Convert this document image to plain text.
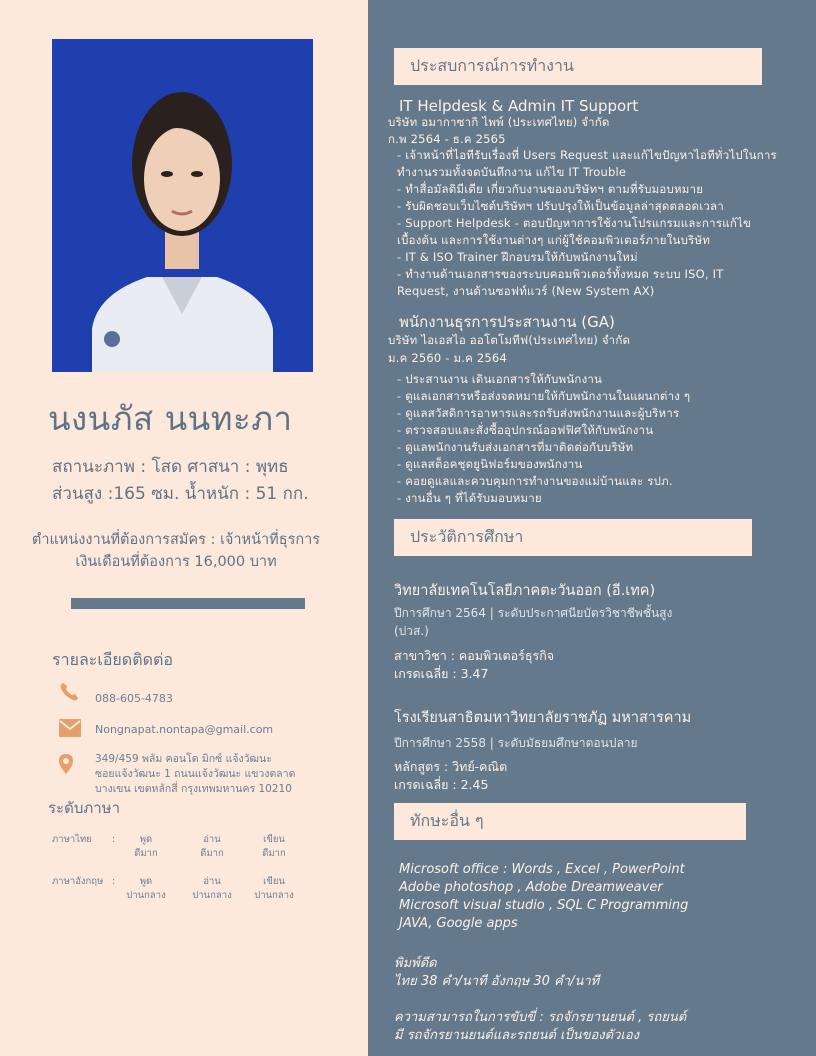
นงนภัส นนทะภา
สถานะภาพ : โสด ศาสนา : พุทธ
ส่วนสูง :165 ซม. น้ำหนัก : 51 กก.
ตำแหน่งงานที่ต้องการสมัคร : เจ้าหน้าที่ธุรการ
เงินเดือนที่ต้องการ 16,000 บาท
รายละเอียดติดต่อ
088-605-4783
Nongnapat.nontapa@gmail.com
349/459 พลัม คอนโด มิกซ์ แจ้งวัฒนะ
ซอยแจ้งวัฒนะ 1 ถนนแจ้งวัฒนะ แขวงตลาด
บางเขน เขตหลักสี่ กรุงเทพมหานคร 10210
ระดับภาษา
ภาษาไทย :	พูด
ดีมาก
อ่าน
ดีมาก
เขียน
ดีมาก
ภาษาอังกฤษ :	พูด
ปานกลาง
อ่าน
ปานกลาง
เขียน
ปานกลาง
ประสบการณ์การทำงาน
IT Helpdesk & Admin IT Support
บริษัท อมากาซากิ ไพพ์ (ประเทศไทย) จำกัด
ก.พ 2564 - ธ.ค 2565
- เจ้าหน้าที่ไอทีรับเรื่องที่ Users Request และแก้ไขปัญหาไอทีทั่วไปในการ
ทำงานรวมทั้งจดบันทึกงาน แก้ไข IT Trouble
- ทำสื่อมัลติมีเดีย เกี่ยวกับงานของบริษัทฯ ตามที่รับมอบหมาย
- รับผิดชอบเว็บไซต์บริษัทฯ ปรับปรุงให้เป็นข้อมูลล่าสุดตลอดเวลา
- Support Helpdesk - ตอบปัญหาการใช้งานโปรแกรมและการแก้ไข
เบื้องต้น และการใช้งานต่างๆ แก่ผู้ใช้คอมพิวเตอร์ภายในบริษัท
- IT & ISO Trainer ฝึกอบรมให้กับพนักงานใหม่
- ทำงานด้านเอกสารของระบบคอมพิวเตอร์ทั้งหมด ระบบ ISO, IT
Request, งานด้านซอฟท์แวร์ (New System AX)
พนักงานธุรการประสานงาน (GA)
บริษัท ไอเอสไอ ออโตโมทีฟ(ประเทศไทย) จำกัด
ม.ค 2560 - ม.ค 2564
- ประสานงาน เดินเอกสารให้กับพนักงาน
- ดูแลเอกสารหรือส่งจดหมายให้กับพนักงานในแผนกต่าง ๆ
- ดูแลสวัสดิการอาหารและรถรับส่งพนักงานและผู้บริหาร
- ตรวจสอบและสั่งซื้ออุปกรณ์ออฟฟิศให้กับพนักงาน
- ดูแลพนักงานรับส่งเอกสารที่มาติดต่อกับบริษัท
- ดูแลสต็อคชุดยูนิฟอร์มของพนักงาน
- คอยดูแลและควบคุมการทำงานของแม่บ้านและ รปภ.
- งานอื่น ๆ ที่ได้รับมอบหมาย
ประวัติการศึกษา
วิทยาลัยเทคโนโลยีภาคตะวันออก (อี.เทค)
ปีการศึกษา 2564 | ระดับประกาศนียบัตรวิชาชีพชั้นสูง
(ปวส.)
สาขาวิชา : คอมพิวเตอร์ธุรกิจ
เกรดเฉลี่ย : 3.47
โรงเรียนสาธิตมหาวิทยาลัยราชภัฏ มหาสารคาม
ปีการศึกษา 2558 | ระดับมัธยมศึกษาตอนปลาย
หลักสูตร : วิทย์-คณิต
เกรดเฉลี่ย : 2.45
ทักษะอื่น ๆ
Microsoft office : Words , Excel , PowerPoint
Adobe photoshop , Adobe Dreamweaver
Microsoft visual studio , SQL C Programming
JAVA, Google apps
พิมพ์ดีด
ไทย 38 คำ/นาที อังกฤษ 30 คำ/นาที
ความสามารถในการขับขี่ : รถจักรยานยนต์ , รถยนต์
มี รถจักรยานยนต์และรถยนต์ เป็นของตัวเอง
